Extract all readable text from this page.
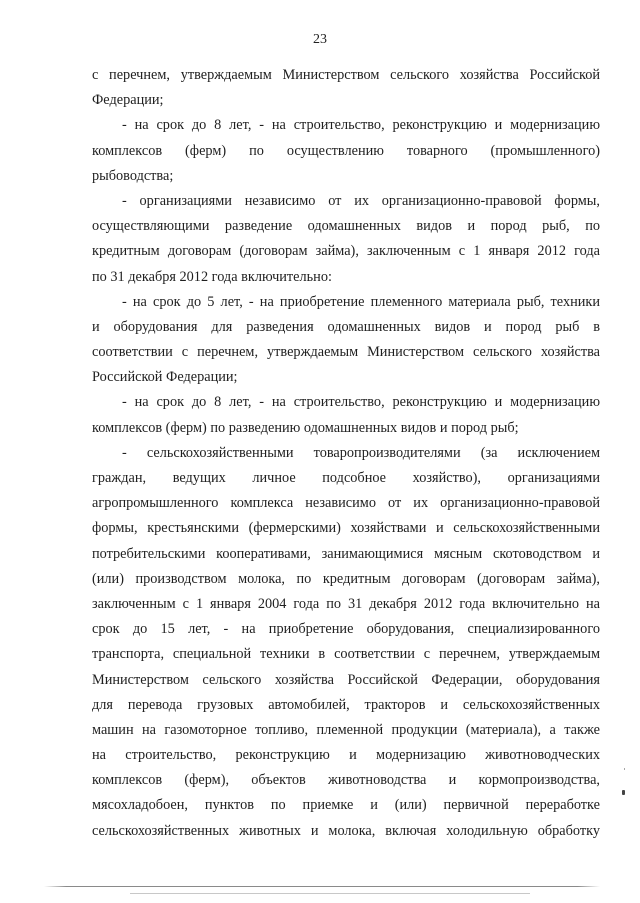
23
с перечнем, утверждаемым Министерством сельского хозяйства Российской
Федерации;
- на срок до 8 лет, - на строительство, реконструкцию и модернизацию
комплексов (ферм) по осуществлению товарного (промышленного)
рыбоводства;
- организациями независимо от их организационно-правовой формы,
осуществляющими разведение одомашненных видов и пород рыб, по
кредитным договорам (договорам займа), заключенным с 1 января 2012 года
по 31 декабря 2012 года включительно:
- на срок до 5 лет, - на приобретение племенного материала рыб, техники
и оборудования для разведения одомашненных видов и пород рыб в
соответствии с перечнем, утверждаемым Министерством сельского хозяйства
Российской Федерации;
- на срок до 8 лет, - на строительство, реконструкцию и модернизацию
комплексов (ферм) по разведению одомашненных видов и пород рыб;
- сельскохозяйственными товаропроизводителями (за исключением
граждан, ведущих личное подсобное хозяйство), организациями
агропромышленного комплекса независимо от их организационно-правовой
формы, крестьянскими (фермерскими) хозяйствами и сельскохозяйственными
потребительскими кооперативами, занимающимися мясным скотоводством и
(или) производством молока, по кредитным договорам (договорам займа),
заключенным с 1 января 2004 года по 31 декабря 2012 года включительно на
срок до 15 лет, - на приобретение оборудования, специализированного
транспорта, специальной техники в соответствии с перечнем, утверждаемым
Министерством сельского хозяйства Российской Федерации, оборудования
для перевода грузовых автомобилей, тракторов и сельскохозяйственных
машин на газомоторное топливо, племенной продукции (материала), а также
на строительство, реконструкцию и модернизацию животноводческих
комплексов (ферм), объектов животноводства и кормопроизводства,
мясохладобоен, пунктов по приемке и (или) первичной переработке
сельскохозяйственных животных и молока, включая холодильную обработку
